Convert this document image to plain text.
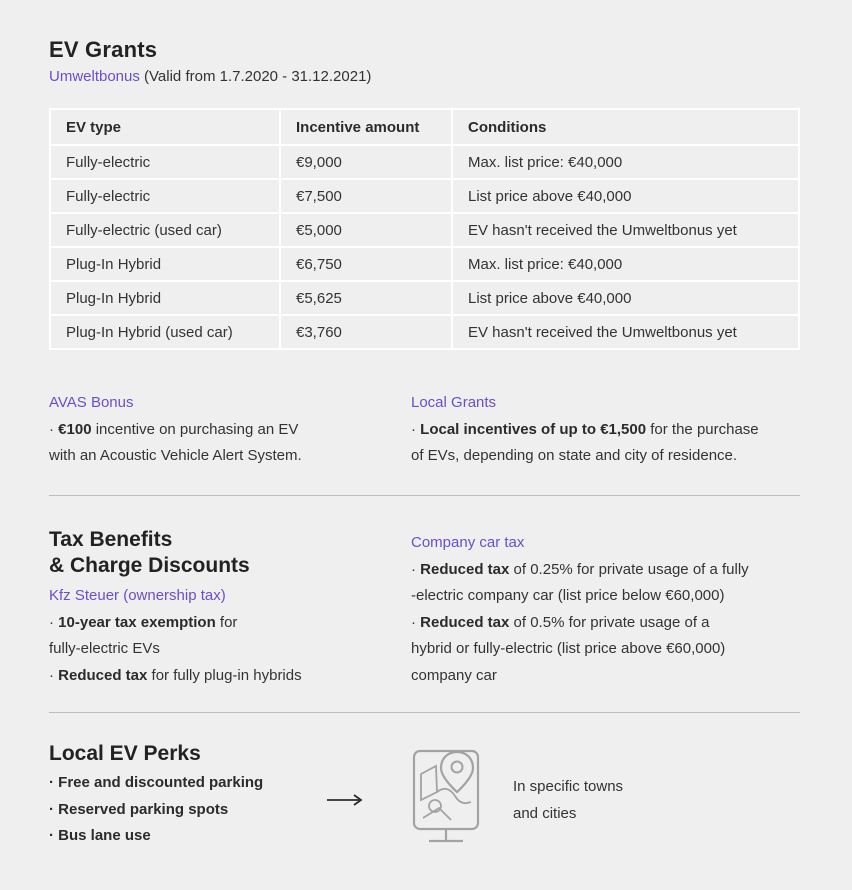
EV Grants
Umweltbonus (Valid from 1.7.2020 - 31.12.2021)
EV type	Incentive amount	Conditions
Fully-electric	€9,000	Max. list price: €40,000
Fully-electric	€7,500	List price above €40,000
Fully-electric (used car)	€5,000	EV hasn't received the Umweltbonus yet
Plug-In Hybrid	€6,750	Max. list price: €40,000
Plug-In Hybrid	€5,625	List price above €40,000
Plug-In Hybrid (used car)	€3,760	EV hasn't received the Umweltbonus yet
AVAS Bonus
· €100 incentive on purchasing an EV
with an Acoustic Vehicle Alert System.
Local Grants
· Local incentives of up to €1,500 for the purchase
of EVs, depending on state and city of residence.
Tax Benefits
& Charge Discounts
Kfz Steuer (ownership tax)
· 10-year tax exemption for
fully-electric EVs
· Reduced tax for fully plug-in hybrids
Company car tax
· Reduced tax of 0.25% for private usage of a fully
-electric company car (list price below €60,000)
· Reduced tax of 0.5% for private usage of a
hybrid or fully-electric (list price above €60,000)
company car
Local EV Perks
· Free and discounted parking
· Reserved parking spots
· Bus lane use
In specific towns
and cities
